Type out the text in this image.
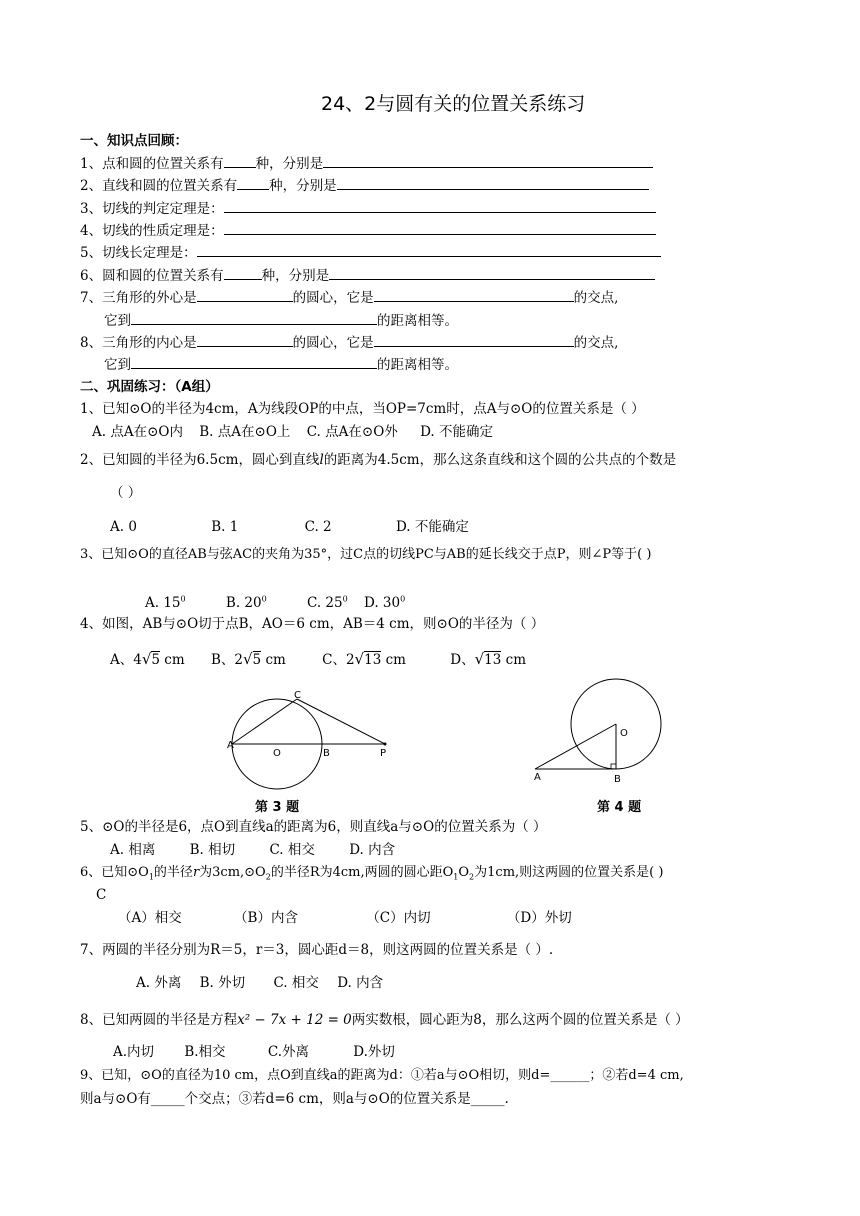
24、2与圆有关的位置关系练习
一、知识点回顾：
1、点和圆的位置关系有 种，分别是
2、直线和圆的位置关系有 种，分别是
3、切线的判定定理是：
4、切线的性质定理是：
5、切线长定理是：
6、圆和圆的位置关系有	种，分别是
7、三角形的外心是	的圆心，它是	的交点,
它到	的距离相等。
8、三角形的内心是	的圆心，它是	的交点,
它到	的距离相等。
二、巩固练习：（A组）
1、已知⊙O的半径为4cm，A为线段OP的中点，当OP=7cm时，点A与⊙O的位置关系是（ ）
A. 点A在⊙O内 B. 点A在⊙O上 C. 点A在⊙O外 D. 不能确定
2、已知圆的半径为6.5cm，圆心到直线l的距离为4.5cm，那么这条直线和这个圆的公共点的个数是
（ ）
A. 0	B. 1	C. 2	D. 不能确定
3、已知⊙O的直径AB与弦AC的夹角为35°，过C点的切线PC与AB的延长线交于点P，则∠P等于( )
A. $15^0$	B. $20^0$	C. $25^0$ D. $30^0$
4、如图，AB与⊙O切于点B，AO＝6 cm，AB＝4 cm，则⊙O的半径为（ ）
A、4√5 cm B、2√5 cm	C、2√13 cm	D、√13 cm
A
O	B	P
C
第 3 题
O
A	B
第 4 题
5、⊙O的半径是6，点O到直线a的距离为6，则直线a与⊙O的位置关系为（ ）
A. 相离	B. 相切	C. 相交	D. 内含
6、已知$⊙O_1$的半径r为$3cm,⊙O_2$的半径R为4cm,两圆的圆心距$O_1O_2$为1cm,则这两圆的位置关系是( )
C
（A）相交	（B）内含	（C）内切	（D）外切
7、两圆的半径分别为R＝5，r＝3，圆心距d＝8，则这两圆的位置关系是（ ）.
A. 外离 B. 外切 C. 相交 D. 内含
8、已知两圆的半径是方程x² − 7x + 12 = 0两实数根，圆心距为8，那么这两个圆的位置关系是（ ）
A.内切 B.相交	C.外离	D.外切
9、已知，⊙O的直径为10 cm，点O到直线a的距离为d：①若a与⊙O相切，则d=______；②若d=4 cm,
则a与⊙O有_____个交点；③若d=6 cm，则a与⊙O的位置关系是_____.
